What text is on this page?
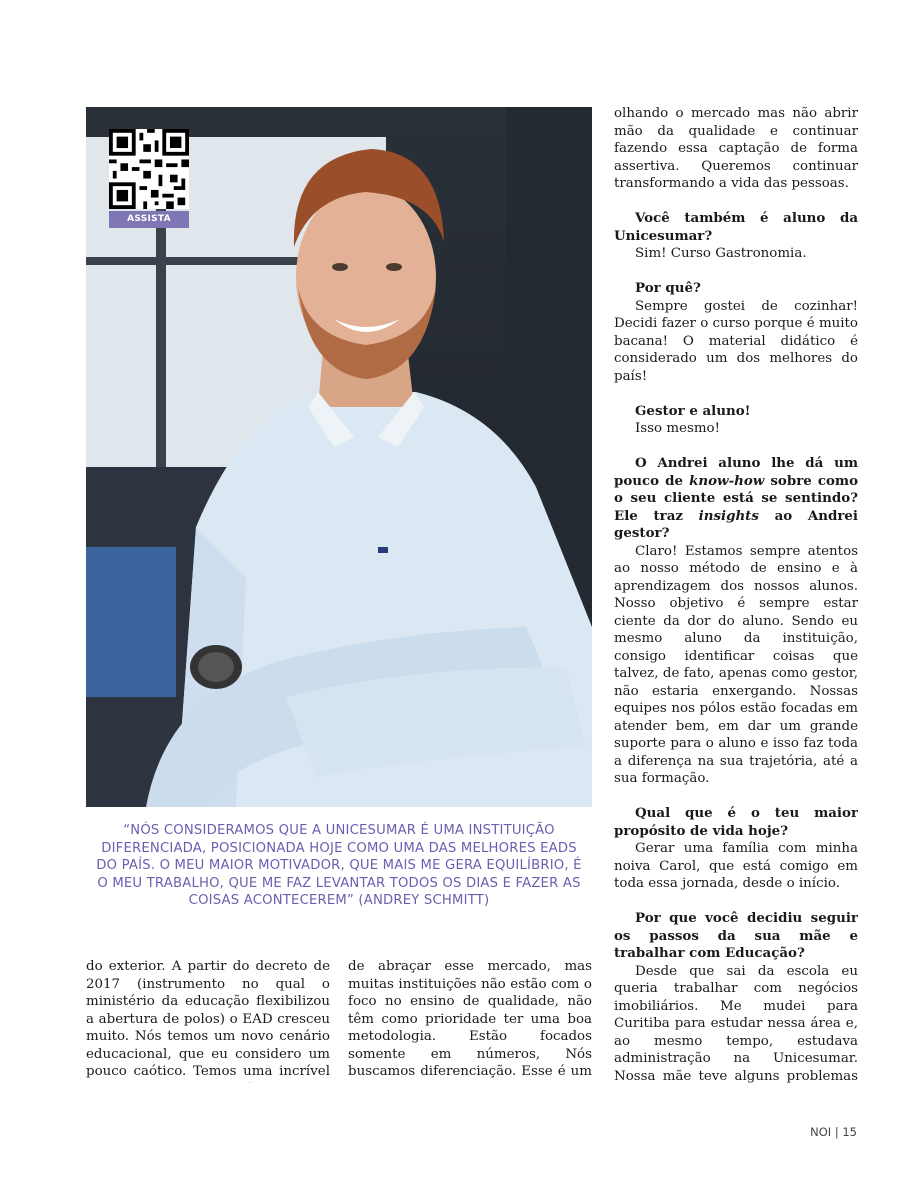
ASSISTA
“NÓS CONSIDERAMOS QUE A UNICESUMAR É UMA INSTITUIÇÃO DIFERENCIADA, POSICIONADA HOJE COMO UMA DAS MELHORES EADS DO PAÍS. O MEU MAIOR MOTIVADOR, QUE MAIS ME GERA EQUILÍBRIO, É O MEU TRABALHO, QUE ME FAZ LEVANTAR TODOS OS DIAS E FAZER AS COISAS ACONTECEREM” (ANDREY SCHMITT)

do exterior. A partir do decreto de 2017 (instrumento no qual o ministério da educação flexibilizou a abertura de polos) o EAD cresceu muito. Nós temos um novo cenário educacional, que eu considero um pouco caótico. Temos uma incrível

de abraçar esse mercado, mas muitas instituições não estão com o foco no ensino de qualidade, não têm como prioridade ter uma boa metodologia. Estão focados somente em números, Nós buscamos diferenciação. Esse é um

olhando o mercado mas não abrir mão da qualidade e continuar fazendo essa captação de forma assertiva. Queremos continuar transformando a vida das pessoas.

Você também é aluno da Unicesumar?

Sim! Curso Gastronomia.

Por quê?

Sempre gostei de cozinhar! Decidi fazer o curso porque é muito bacana! O material didático é considerado um dos melhores do país!

Gestor e aluno!

Isso mesmo!

O Andrei aluno lhe dá um pouco de know-how sobre como o seu cliente está se sentindo? Ele traz insights ao Andrei gestor?

Claro! Estamos sempre atentos ao nosso método de ensino e à aprendizagem dos nossos alunos. Nosso objetivo é sempre estar ciente da dor do aluno. Sendo eu mesmo aluno da instituição, consigo identificar coisas que talvez, de fato, apenas como gestor, não estaria enxergando. Nossas equipes nos pólos estão focadas em atender bem, em dar um grande suporte para o aluno e isso faz toda a diferença na sua trajetória, até a sua formação.

Qual que é o teu maior propósito de vida hoje?

Gerar uma família com minha noiva Carol, que está comigo em toda essa jornada, desde o início.

Por que você decidiu seguir os passos da sua mãe e trabalhar com Educação?

Desde que sai da escola eu queria trabalhar com negócios imobiliários. Me mudei para Curitiba para estudar nessa área e, ao mesmo tempo, estudava administração na Unicesumar. Nossa mãe teve alguns problemas

NOI | 15
